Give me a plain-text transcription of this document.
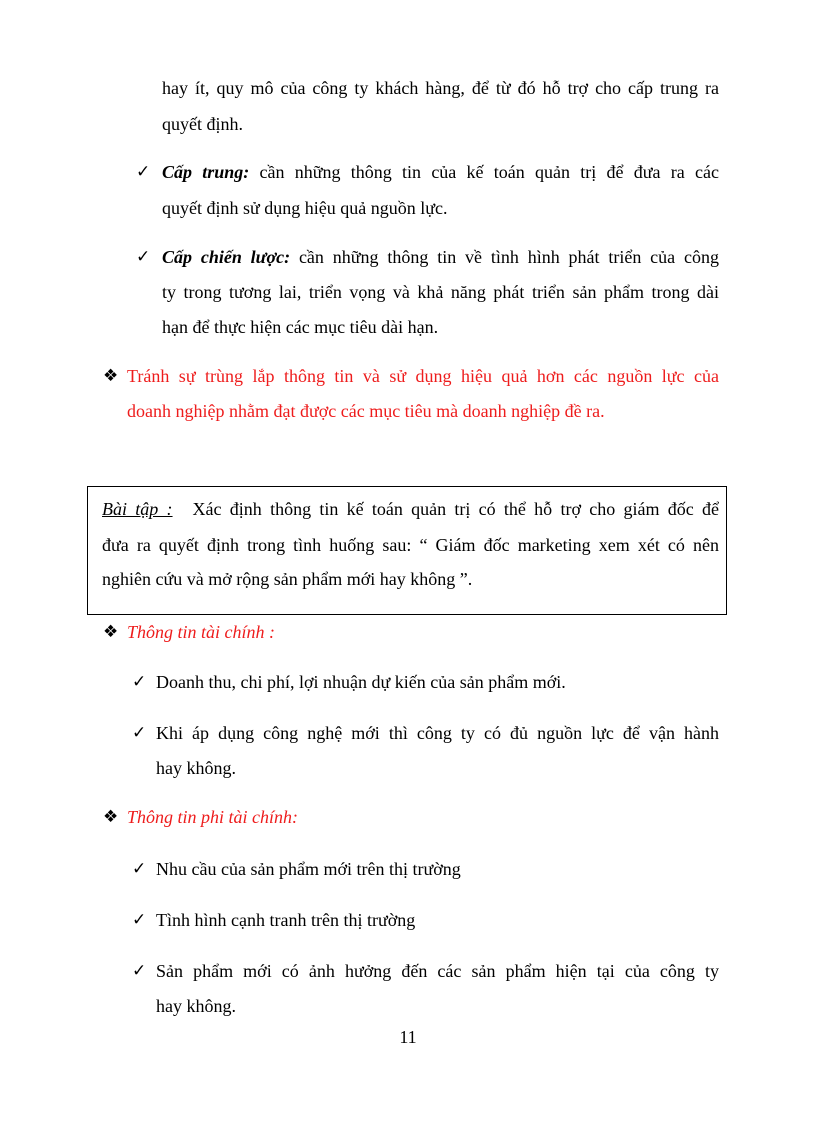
hay ít, quy mô của công ty khách hàng, để từ đó hỗ trợ cho cấp trung ra
quyết định.
✓ Cấp trung: cần những thông tin của kế toán quản trị để đưa ra các
quyết định sử dụng hiệu quả nguồn lực.
✓ Cấp chiến lược: cần những thông tin về tình hình phát triển của công
ty trong tương lai, triển vọng và khả năng phát triển sản phẩm trong dài
hạn để thực hiện các mục tiêu dài hạn.
❖ Tránh sự trùng lắp thông tin và sử dụng hiệu quả hơn các nguồn lực của
doanh nghiệp nhằm đạt được các mục tiêu mà doanh nghiệp đề ra.
Bài tập : Xác định thông tin kế toán quản trị có thể hỗ trợ cho giám đốc để
đưa ra quyết định trong tình huống sau: “ Giám đốc marketing xem xét có nên
nghiên cứu và mở rộng sản phẩm mới hay không ”.
❖ Thông tin tài chính :
✓ Doanh thu, chi phí, lợi nhuận dự kiến của sản phẩm mới.
✓ Khi áp dụng công nghệ mới thì công ty có đủ nguồn lực để vận hành
hay không.
❖ Thông tin phi tài chính:
✓ Nhu cầu của sản phẩm mới trên thị trường
✓ Tình hình cạnh tranh trên thị trường
✓ Sản phẩm mới có ảnh hưởng đến các sản phẩm hiện tại của công ty
hay không.
11
